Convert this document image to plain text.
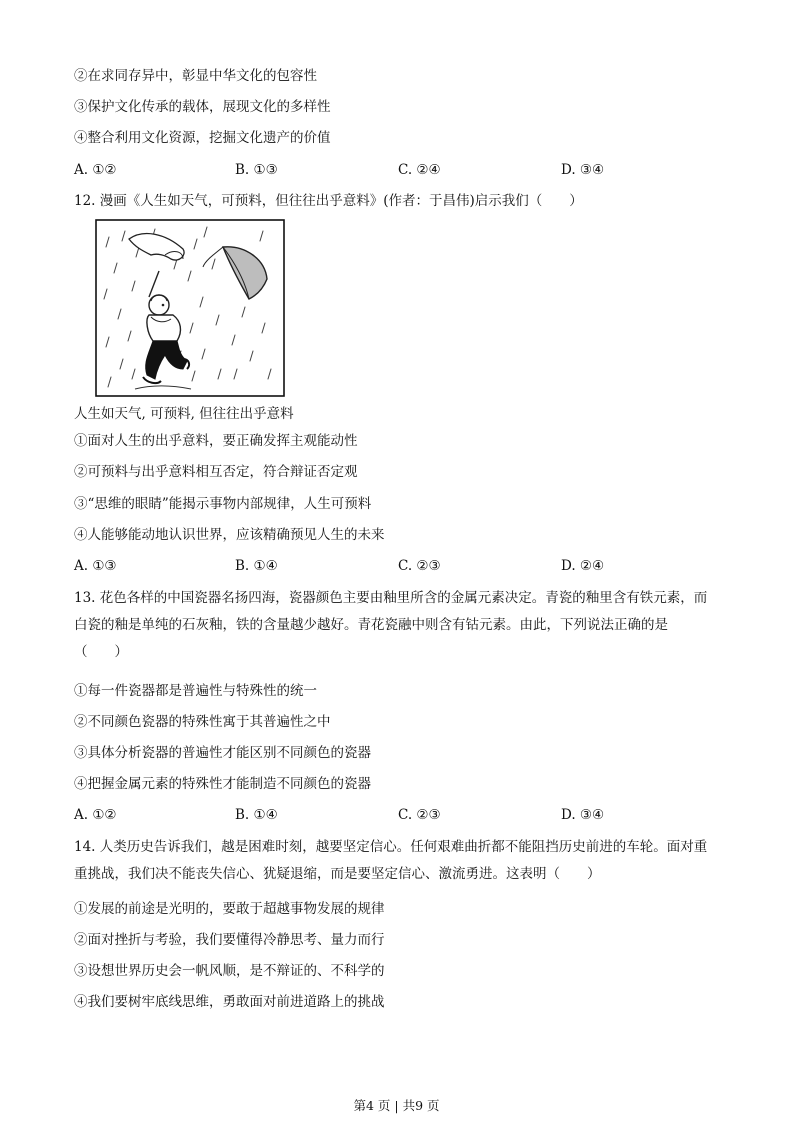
②在求同存异中，彰显中华文化的包容性
③保护文化传承的载体，展现文化的多样性
④整合利用文化资源，挖掘文化遗产的价值
A. ①②	B. ①③	C. ②④	D. ③④
12. 漫画《人生如天气，可预料，但往往出乎意料》(作者：于昌伟)启示我们（　　）
人生如天气, 可预料, 但往往出乎意料
①面对人生的出乎意料，要正确发挥主观能动性
②可预料与出乎意料相互否定，符合辩证否定观
③“思维的眼睛”能揭示事物内部规律，人生可预料
④人能够能动地认识世界，应该精确预见人生的未来
A. ①③	B. ①④	C. ②③	D. ②④
13. 花色各样的中国瓷器名扬四海，瓷器颜色主要由釉里所含的金属元素决定。青瓷的釉里含有铁元素，而白瓷的釉是单纯的石灰釉，铁的含量越少越好。青花瓷融中则含有钴元素。由此，下列说法正确的是（　　）
①每一件瓷器都是普遍性与特殊性的统一
②不同颜色瓷器的特殊性寓于其普遍性之中
③具体分析瓷器的普遍性才能区别不同颜色的瓷器
④把握金属元素的特殊性才能制造不同颜色的瓷器
A. ①②	B. ①④	C. ②③	D. ③④
14. 人类历史告诉我们，越是困难时刻，越要坚定信心。任何艰难曲折都不能阻挡历史前进的车轮。面对重重挑战，我们决不能丧失信心、犹疑退缩，而是要坚定信心、激流勇进。这表明（　　）
①发展的前途是光明的，要敢于超越事物发展的规律
②面对挫折与考验，我们要懂得冷静思考、量力而行
③设想世界历史会一帆风顺，是不辩证的、不科学的
④我们要树牢底线思维，勇敢面对前进道路上的挑战
第4 页 | 共9 页
